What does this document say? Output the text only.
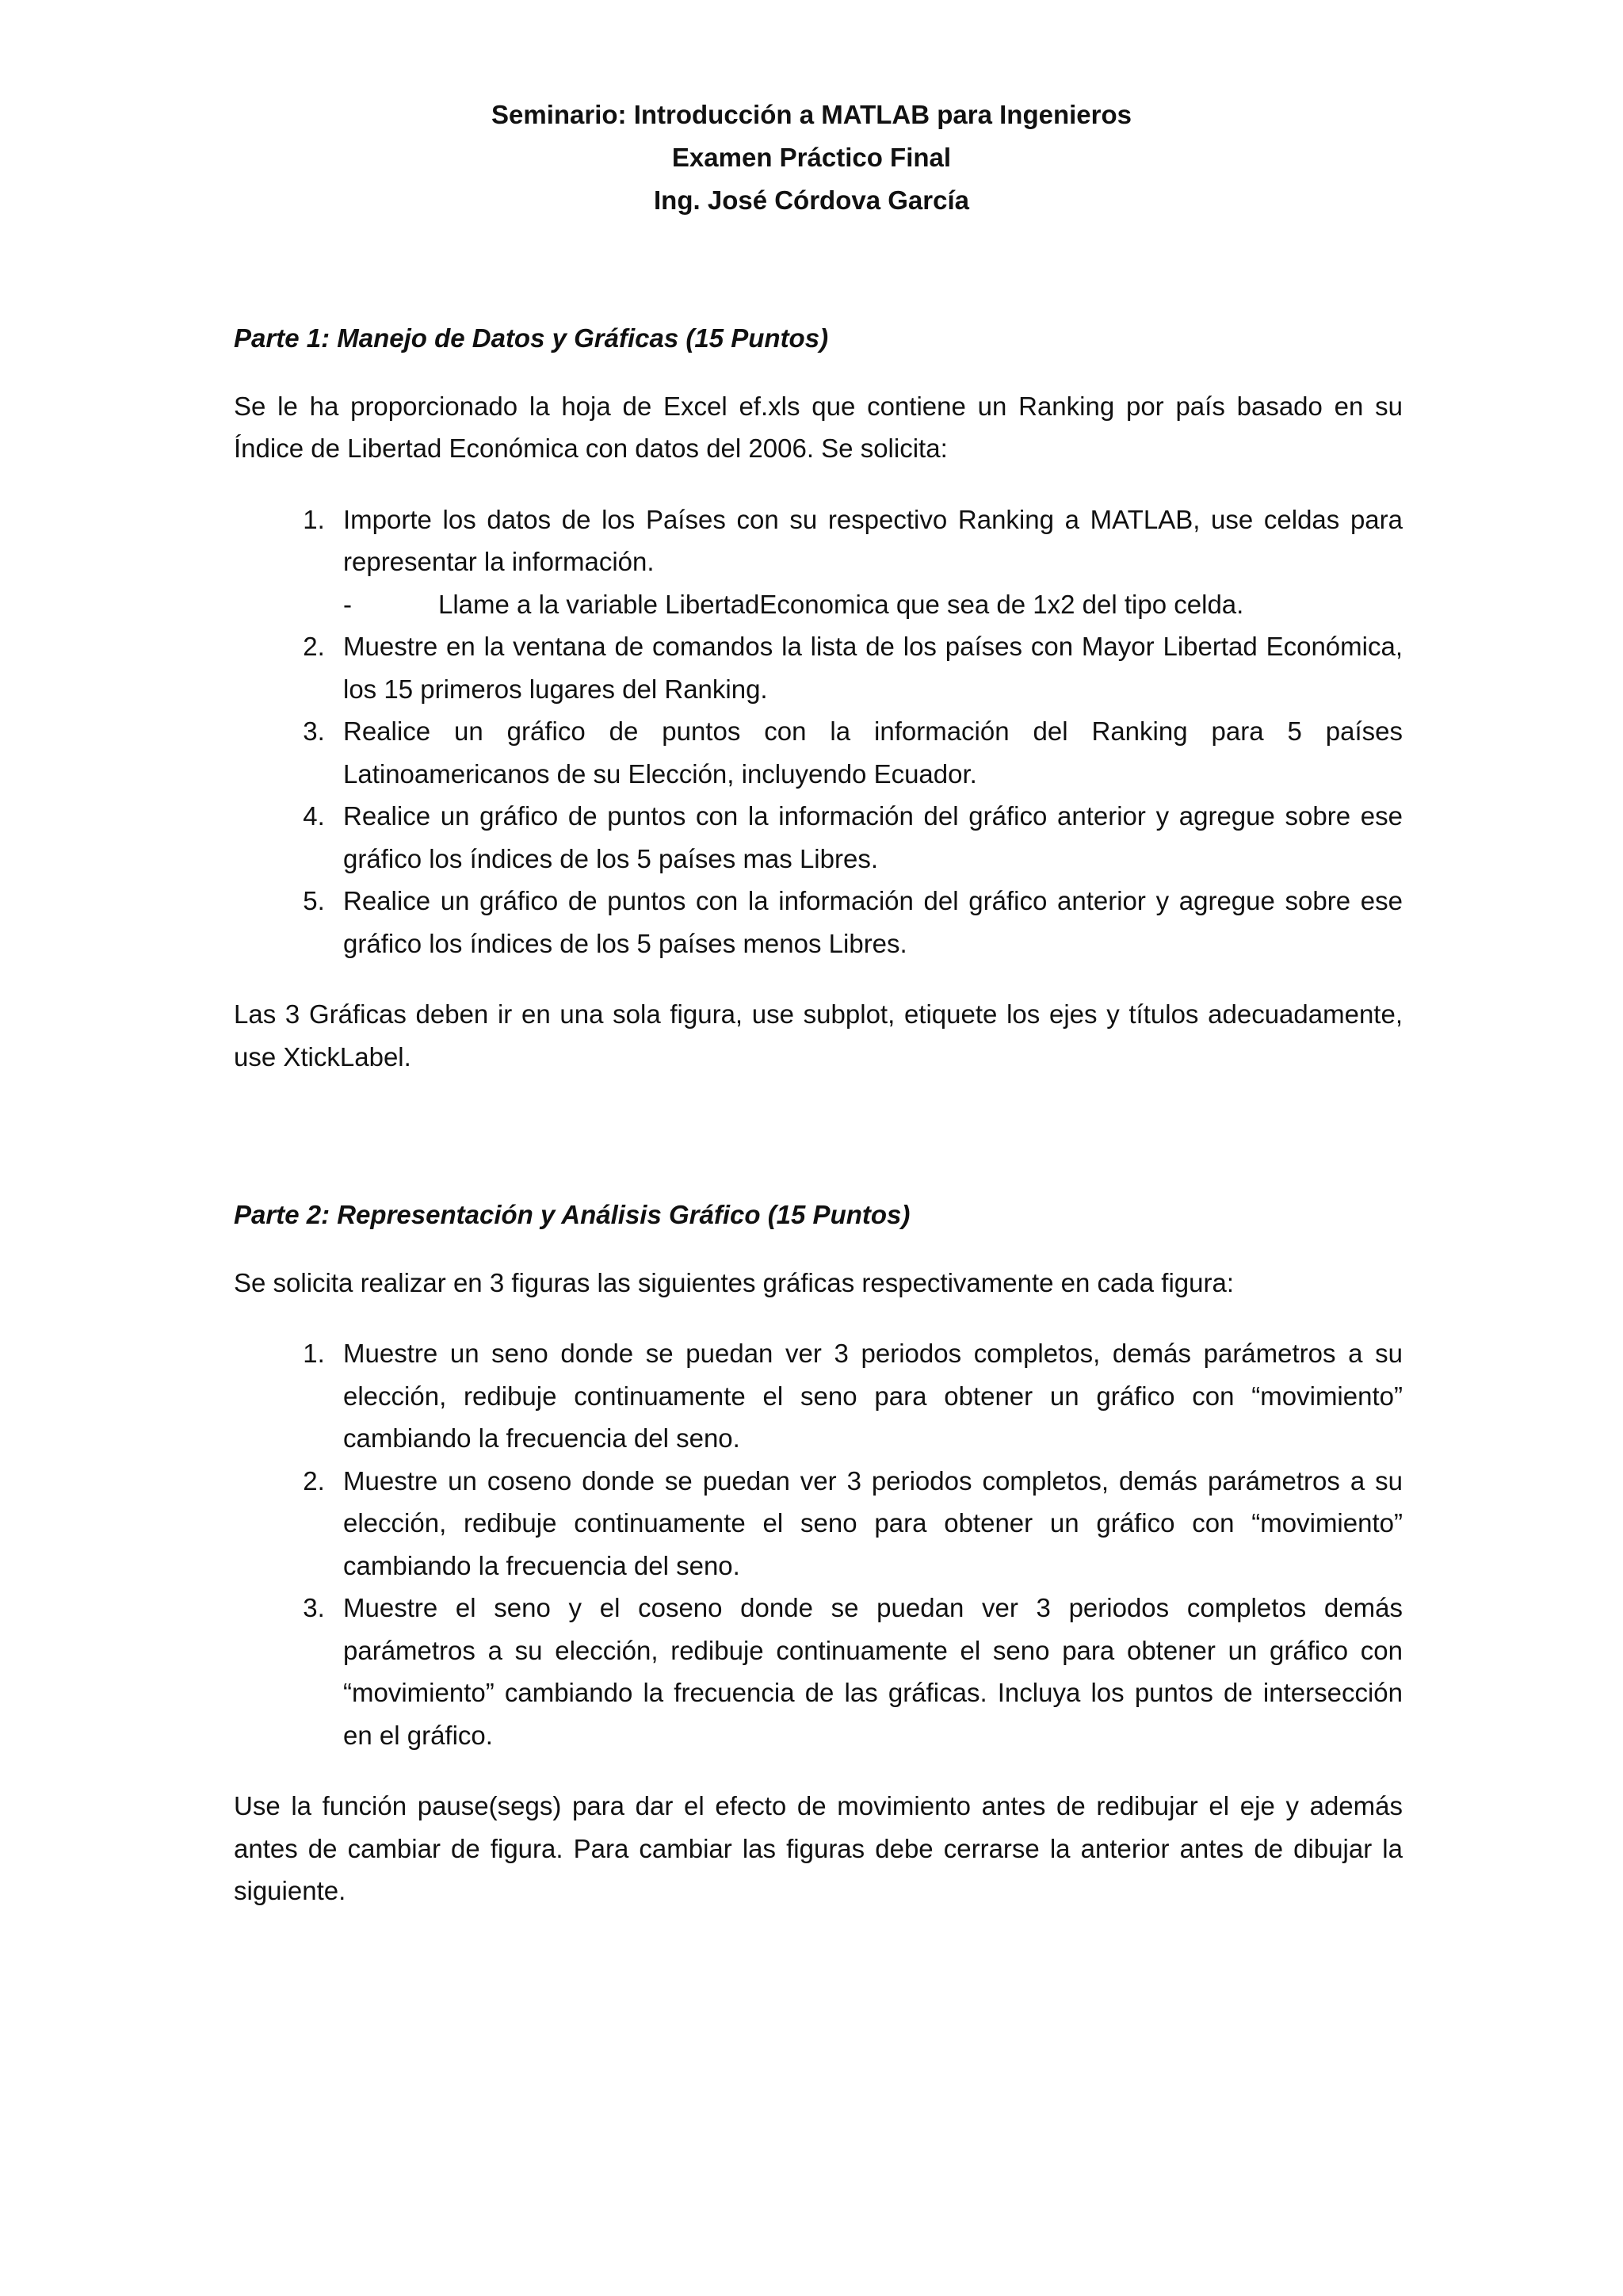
Seminario: Introducción a MATLAB para Ingenieros
Examen Práctico Final
Ing. José Córdova García
Parte 1: Manejo de Datos y Gráficas (15 Puntos)

Se le ha proporcionado la hoja de Excel ef.xls que contiene un Ranking por país basado en su Índice de Libertad Económica con datos del 2006. Se solicita:

1. Importe los datos de los Países con su respectivo Ranking a MATLAB, use celdas para representar la información.
-	Llame a la variable LibertadEconomica que sea de 1x2 del tipo celda.
2. Muestre en la ventana de comandos la lista de los países con Mayor Libertad Económica, los 15 primeros lugares del Ranking.
3. Realice un gráfico de puntos con la información del Ranking para 5 países Latinoamericanos de su Elección, incluyendo Ecuador.
4. Realice un gráfico de puntos con la información del gráfico anterior y agregue sobre ese gráfico los índices de los 5 países mas Libres.
5. Realice un gráfico de puntos con la información del gráfico anterior y agregue sobre ese gráfico los índices de los 5 países menos Libres.

Las 3 Gráficas deben ir en una sola figura, use subplot, etiquete los ejes y títulos adecuadamente, use XtickLabel.

Parte 2: Representación y Análisis Gráfico (15 Puntos)

Se solicita realizar en 3 figuras las siguientes gráficas respectivamente en cada figura:

1. Muestre un seno donde se puedan ver 3 periodos completos, demás parámetros a su elección, redibuje continuamente el seno para obtener un gráfico con “movimiento” cambiando la frecuencia del seno.
2. Muestre un coseno donde se puedan ver 3 periodos completos, demás parámetros a su elección, redibuje continuamente el seno para obtener un gráfico con “movimiento” cambiando la frecuencia del seno.
3. Muestre el seno y el coseno donde se puedan ver 3 periodos completos demás parámetros a su elección, redibuje continuamente el seno para obtener un gráfico con “movimiento” cambiando la frecuencia de las gráficas. Incluya los puntos de intersección en el gráfico.

Use la función pause(segs) para dar el efecto de movimiento antes de redibujar el eje y además antes de cambiar de figura. Para cambiar las figuras debe cerrarse la anterior antes de dibujar la siguiente.
